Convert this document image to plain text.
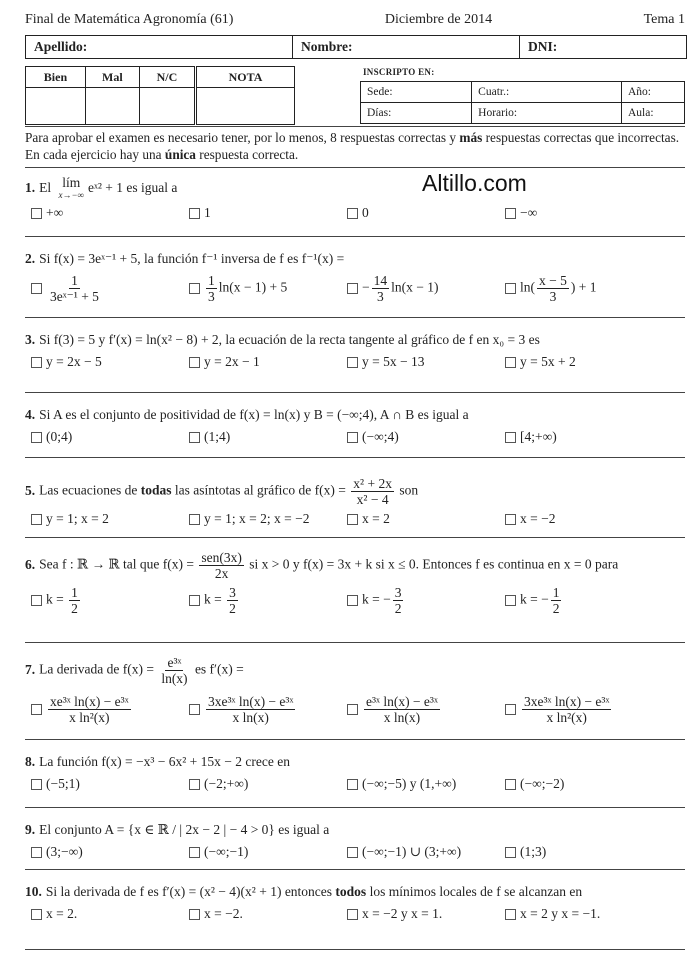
Final de Matemática Agronomía (61)	Diciembre de 2014	Tema 1
Apellido:	Nombre:	DNI:
Bien	Mal	N/C	NOTA
				INSCRIPTO EN:
Sede:	Cuatr.:	Año:
Días:	Horario:	Aula:
Para aprobar el examen es necesario tener, por lo menos, 8 respuestas correctas y más respuestas correctas que incorrectas. En cada ejercicio hay una única respuesta correcta.
1. El lím
x→−∞ eˣ² + 1 es igual a
+∞	1	0	−∞
2. Si f(x) = 3eˣ⁻¹ + 5, la función f⁻¹ inversa de f es f⁻¹(x) =
$\frac{1}{\text{3eˣ⁻¹ + 5}}$	$\frac{1}{3} \ln(x - 1) + 5$	− $\frac{14}{3} \ln(x - 1)$	$\ln( \frac{x - 5}{3}$ ) + 1
3. Si f(3) = 5 y f′(x) = ln(x² − 8) + 2, la ecuación de la recta tangente al gráfico de f en x₀ = 3 es
y = 2x − 5	y = 2x − 1	y = 5x − 13	y = 5x + 2
4. Si A es el conjunto de positividad de f(x) = ln(x) y B = (−∞;4), A ∩ B es igual a
(0;4)	(1;4)	(−∞;4)	[4;+∞)
5. Las ecuaciones de todas las asíntotas al gráfico de $f(x) = \frac{\text{x² + 2x}}{\text{x² − 4}}$ son
y = 1; x = 2	y = 1; x = 2; x = −2	x = 2	x = −2
6. Sea f : ℝ → ℝ tal que $f(x) = \frac{\text{sen(3x)}}{2x}$ si x > 0 y f(x) = 3x + k si x ≤ 0. Entonces f es continua en x = 0 para
$k = \frac{1}{2}$	$k = \frac{3}{2}$	k = − $\frac{3}{2}$	k = − $\frac{1}{2}$
7. La derivada de $f(x) = \frac{\text{e³ˣ}}{\ln(x)}$ es f′(x) =
$\frac{\text{xe³ˣ ln(x) − e³ˣ}}{\text{x ln²(x)}}$	$\frac{\text{3xe³ˣ ln(x) − e³ˣ}}{\text{x ln(x)}}$	$\frac{\text{e³ˣ ln(x) − e³ˣ}}{\text{x ln(x)}}$	$\frac{\text{3xe³ˣ ln(x) − e³ˣ}}{\text{x ln²(x)}}$
8. La función f(x) = −x³ − 6x² + 15x − 2 crece en
(−5;1)	(−2;+∞)	(−∞;−5) y (1,+∞)	(−∞;−2)
9. El conjunto A = {x ∈ ℝ / | 2x − 2 | − 4 > 0} es igual a
(3;−∞)	(−∞;−1)	(−∞;−1) ∪ (3;+∞)	(1;3)
10. Si la derivada de f es f′(x) = (x² − 4)(x² + 1) entonces todos los mínimos locales de f se alcanzan en
x = 2.	x = −2.	x = −2 y x = 1.	x = 2 y x = −1.
Altillo.com
